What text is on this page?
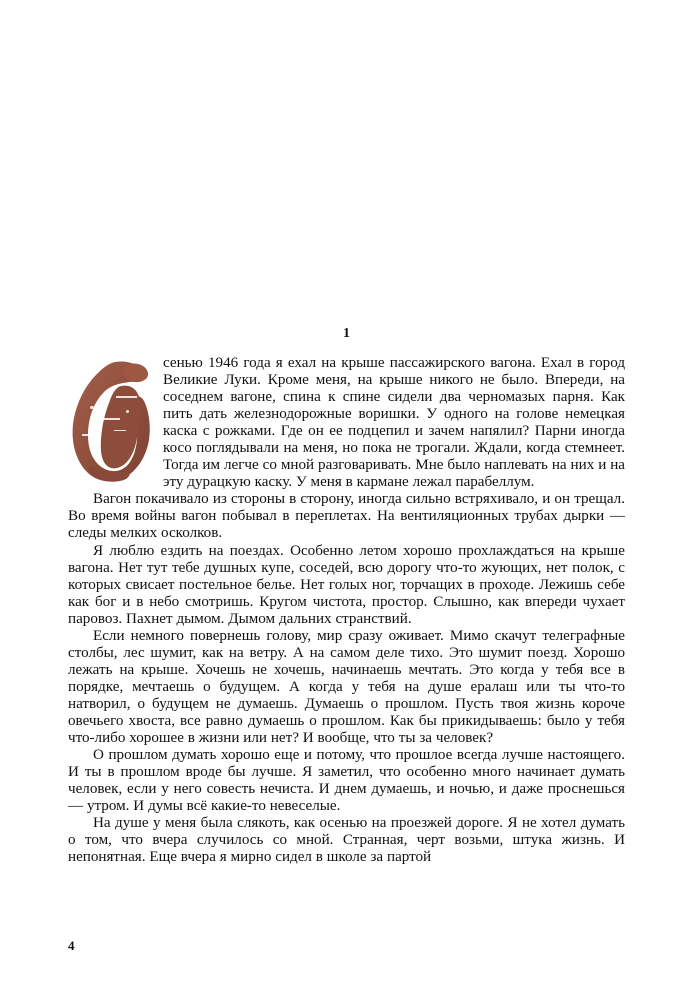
1

сенью 1946 года я ехал на крыше пассажирского вагона. Ехал в город Великие Луки. Кроме меня, на крыше никого не было. Впереди, на соседнем вагоне, спина к спине сидели два черномазых парня. Как пить дать железнодорожные воришки. У одного на голове немецкая каска с рожками. Где он ее подцепил и зачем напялил? Парни иногда косо поглядывали на меня, но пока не трогали. Ждали, когда стемнеет. Тогда им легче со мной разговаривать. Мне было наплевать на них и на эту дурацкую каску. У меня в кармане лежал парабеллум.

Вагон покачивало из стороны в сторону, иногда сильно встряхивало, и он трещал. Во время войны вагон побывал в переплетах. На вентиляционных трубах дырки — следы мелких осколков.

Я люблю ездить на поездах. Особенно летом хорошо прохлаждаться на крыше вагона. Нет тут тебе душных купе, соседей, всю дорогу что-то жующих, нет полок, с которых свисает постельное белье. Нет голых ног, торчащих в проходе. Лежишь себе как бог и в небо смотришь. Кругом чистота, простор. Слышно, как впереди чухает паровоз. Пахнет дымом. Дымом дальних странствий.

Если немного повернешь голову, мир сразу оживает. Мимо скачут телеграфные столбы, лес шумит, как на ветру. А на самом деле тихо. Это шумит поезд. Хорошо лежать на крыше. Хочешь не хочешь, начинаешь мечтать. Это когда у тебя все в порядке, мечтаешь о будущем. А когда у тебя на душе ералаш или ты что-то натворил, о будущем не думаешь. Думаешь о прошлом. Пусть твоя жизнь короче овечьего хвоста, все равно думаешь о прошлом. Как бы прикидываешь: было у тебя что-либо хорошее в жизни или нет? И вообще, что ты за человек?

О прошлом думать хорошо еще и потому, что прошлое всегда лучше настоящего. И ты в прошлом вроде бы лучше. Я заметил, что особенно много начинает думать человек, если у него совесть нечиста. И днем думаешь, и ночью, и даже проснешься — утром. И думы всё какие-то невеселые.

На душе у меня была слякоть, как осенью на проезжей дороге. Я не хотел думать о том, что вчера случилось со мной. Странная, черт возьми, штука жизнь. И непонятная. Еще вчера я мирно сидел в школе за партой

4
